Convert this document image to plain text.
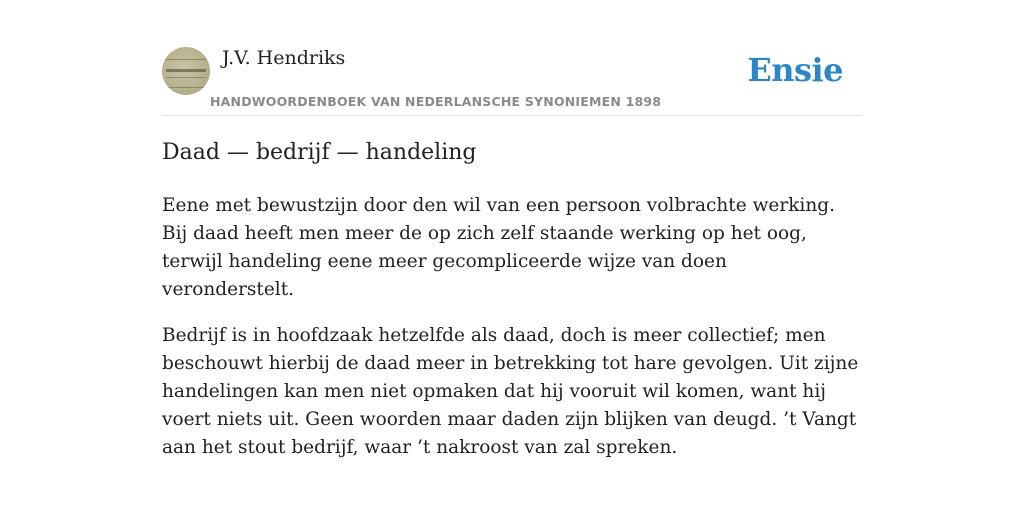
J.V. Hendriks
HANDWOORDENBOEK VAN NEDERLANSCHE SYNONIEMEN 1898
Ensie
Daad — bedrijf — handeling

Eene met bewustzijn door den wil van een persoon volbrachte werking. Bij daad heeft men meer de op zich zelf staande werking op het oog, terwijl handeling eene meer gecompliceerde wijze van doen veronderstelt.

Bedrijf is in hoofdzaak hetzelfde als daad, doch is meer collectief; men beschouwt hierbij de daad meer in betrekking tot hare gevolgen. Uit zijne handelingen kan men niet opmaken dat hij vooruit wil komen, want hij voert niets uit. Geen woorden maar daden zijn blijken van deugd. ’t Vangt aan het stout bedrijf, waar ’t nakroost van zal spreken.
